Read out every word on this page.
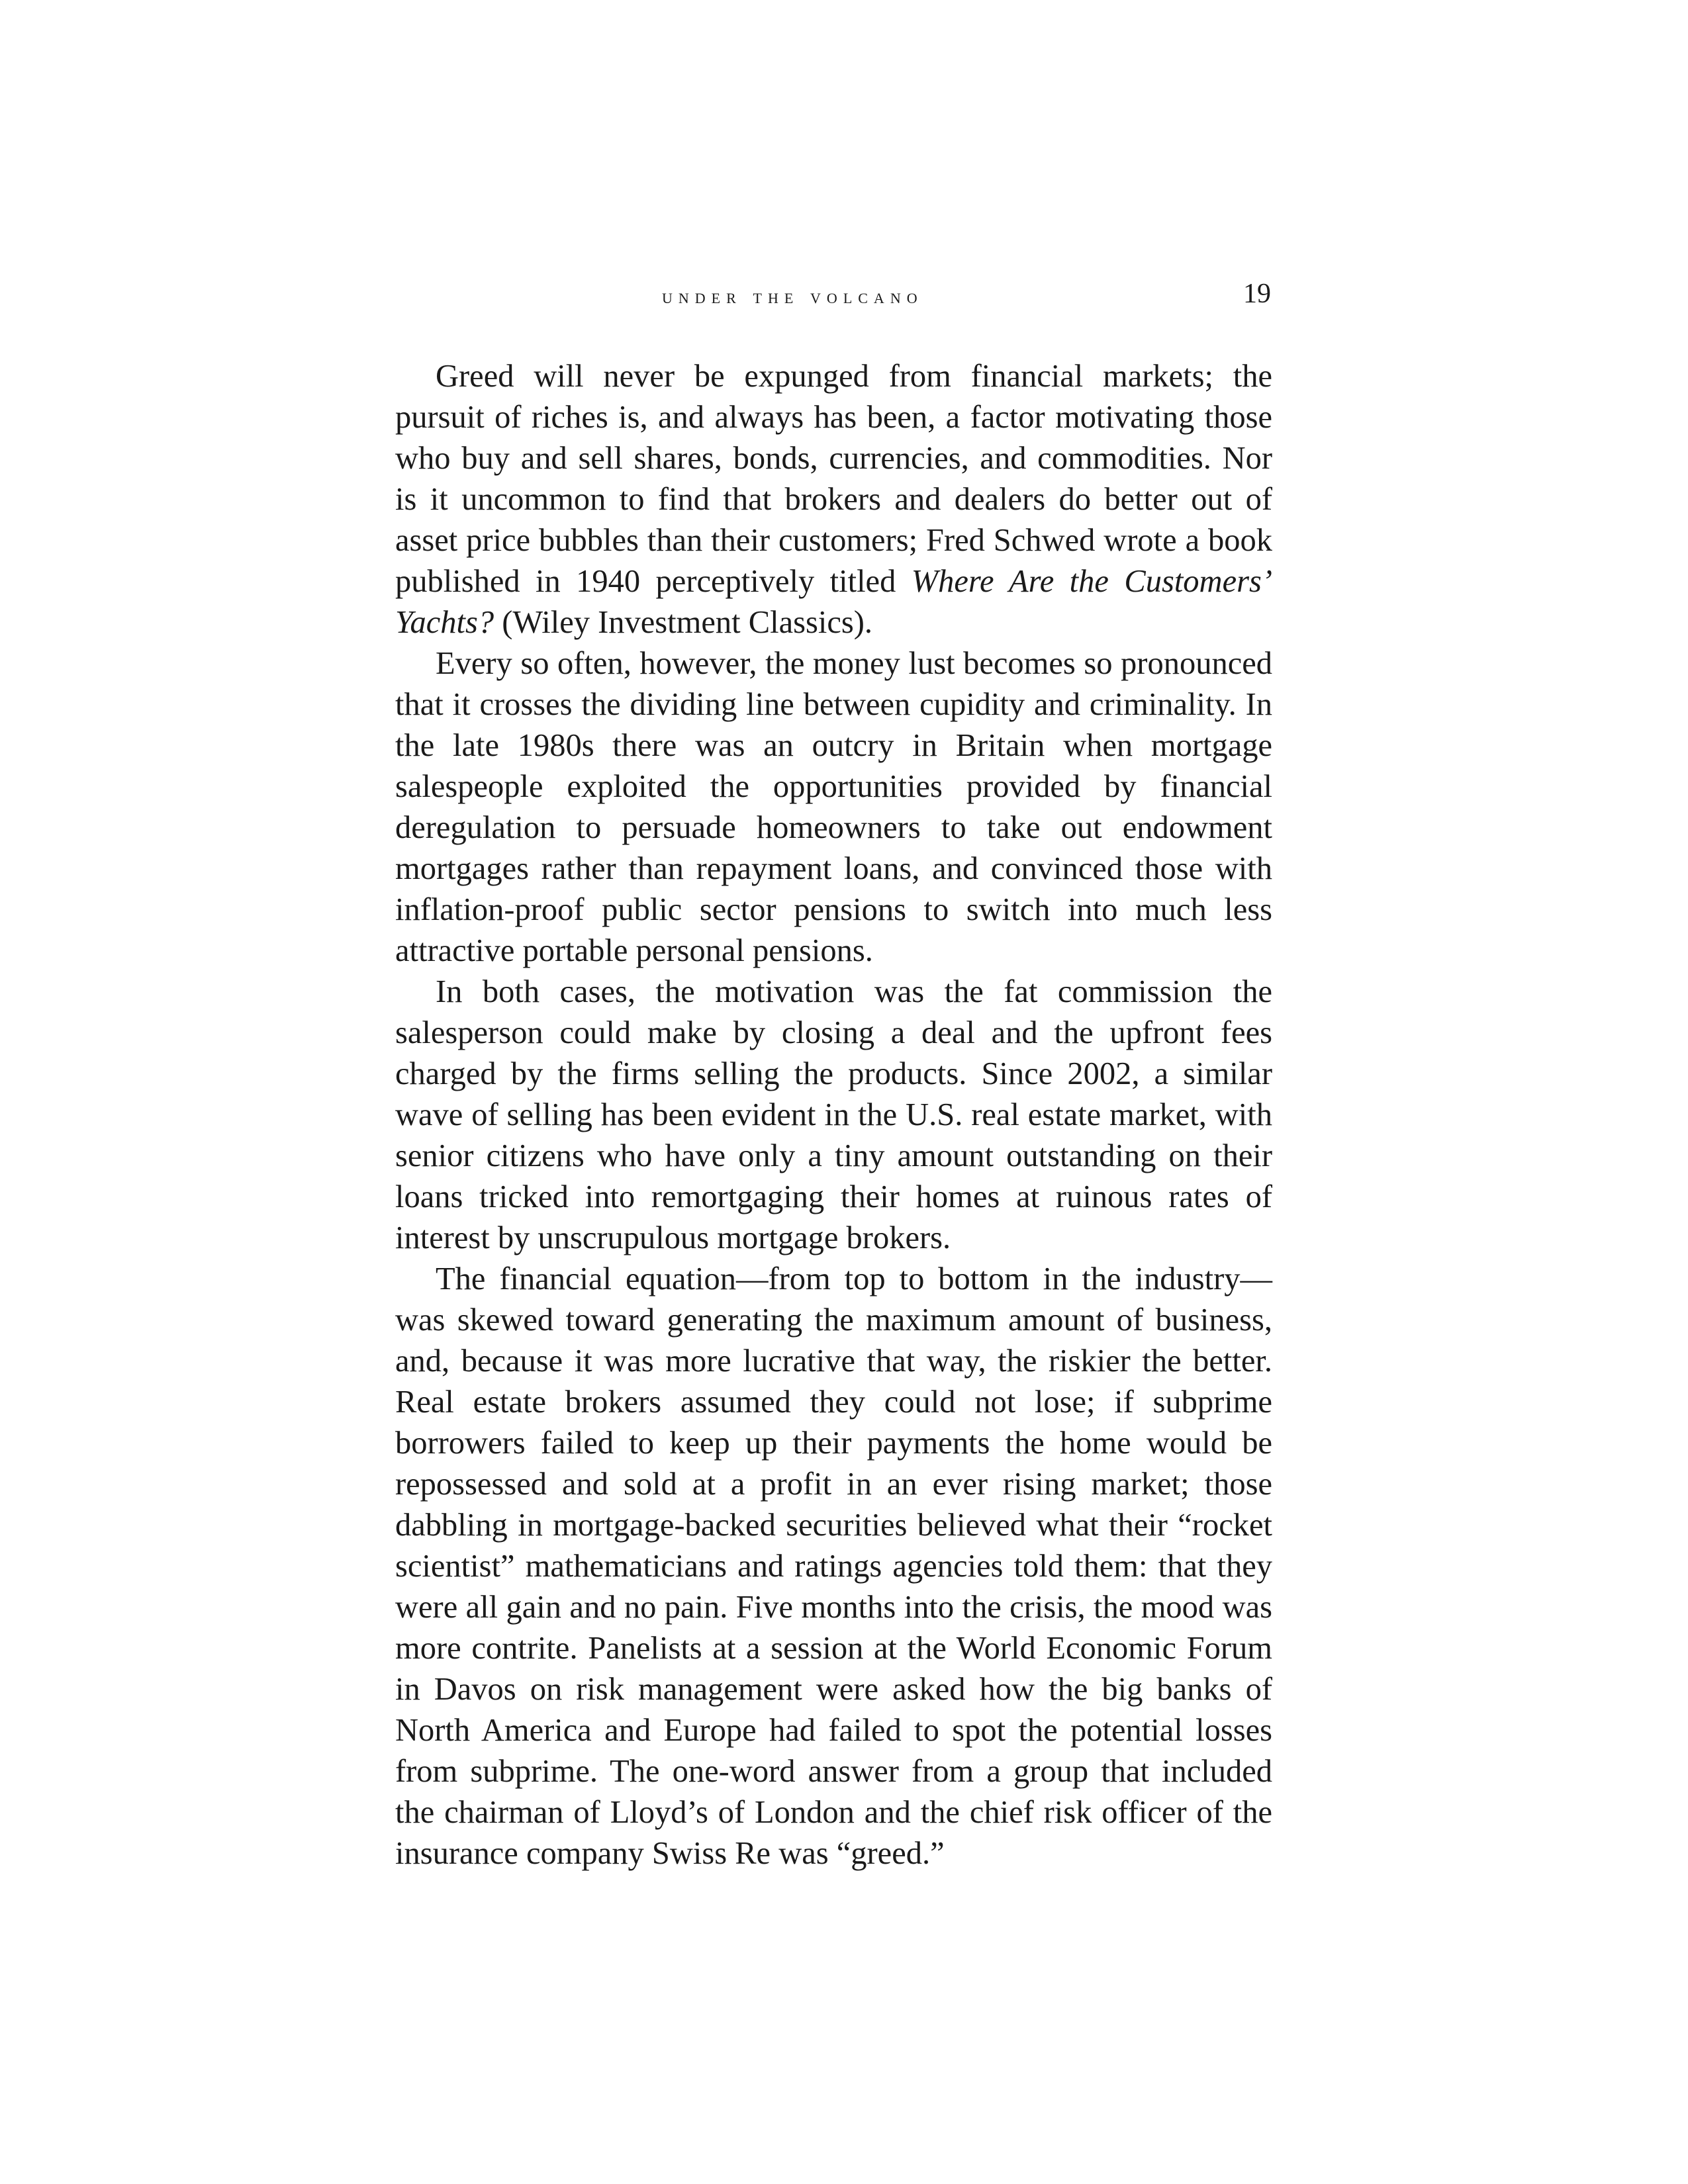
under the volcano	19

Greed will never be expunged from financial markets; the pursuit of riches is, and always has been, a factor motivating those who buy and sell shares, bonds, currencies, and commodities. Nor is it uncommon to find that brokers and dealers do better out of asset price bubbles than their customers; Fred Schwed wrote a book published in 1940 perceptively titled Where Are the Customers’ Yachts? (Wiley Investment Classics).

Every so often, however, the money lust becomes so pronounced that it crosses the dividing line between cupidity and criminality. In the late 1980s there was an outcry in Britain when mortgage salespeople exploited the opportunities provided by financial deregulation to persuade homeowners to take out endowment mortgages rather than repayment loans, and convinced those with inflation-proof public sector pensions to switch into much less attractive portable personal pensions.

In both cases, the motivation was the fat commission the salesperson could make by closing a deal and the upfront fees charged by the firms selling the products. Since 2002, a similar wave of selling has been evident in the U.S. real estate market, with senior citizens who have only a tiny amount outstanding on their loans tricked into remortgaging their homes at ruinous rates of interest by unscrupulous mortgage brokers.

The financial equation—from top to bottom in the industry—was skewed toward generating the maximum amount of business, and, because it was more lucrative that way, the riskier the better. Real estate brokers assumed they could not lose; if subprime borrowers failed to keep up their payments the home would be repossessed and sold at a profit in an ever rising market; those dabbling in mortgage-backed securities believed what their “rocket scientist” mathematicians and ratings agencies told them: that they were all gain and no pain. Five months into the crisis, the mood was more contrite. Panelists at a session at the World Economic Forum in Davos on risk management were asked how the big banks of North America and Europe had failed to spot the potential losses from subprime. The one-word answer from a group that included the chairman of Lloyd’s of London and the chief risk officer of the insurance company Swiss Re was “greed.”
